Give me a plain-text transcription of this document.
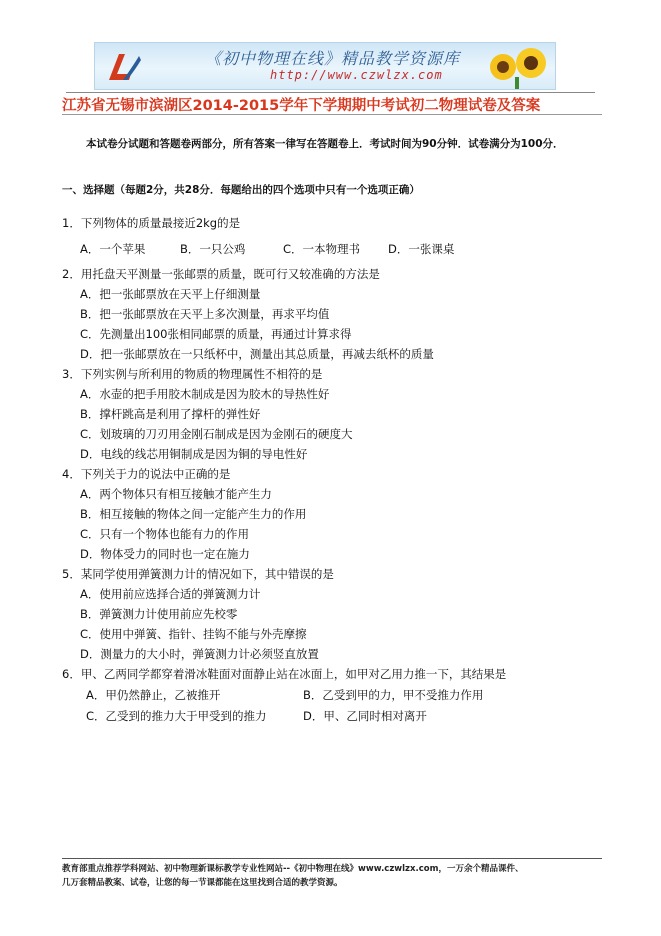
《初中物理在线》精品教学资源库
http://www.czwlzx.com
江苏省无锡市滨湖区2014-2015学年下学期期中考试初二物理试卷及答案
本试卷分试题和答题卷两部分，所有答案一律写在答题卷上．考试时间为90分钟．试卷满分为100分．
一、选择题（每题2分，共28分．每题给出的四个选项中只有一个选项正确）
1．下列物体的质量最接近2kg的是
A．一个苹果	B．一只公鸡	C．一本物理书 D．一张课桌
2．用托盘天平测量一张邮票的质量，既可行又较准确的方法是
A．把一张邮票放在天平上仔细测量
B．把一张邮票放在天平上多次测量，再求平均值
C．先测量出100张相同邮票的质量，再通过计算求得
D．把一张邮票放在一只纸杯中，测量出其总质量，再减去纸杯的质量
3．下列实例与所利用的物质的物理属性不相符的是
A．水壶的把手用胶木制成是因为胶木的导热性好
B．撑杆跳高是利用了撑杆的弹性好
C．划玻璃的刀刃用金刚石制成是因为金刚石的硬度大
D．电线的线芯用铜制成是因为铜的导电性好
4．下列关于力的说法中正确的是
A．两个物体只有相互接触才能产生力
B．相互接触的物体之间一定能产生力的作用
C．只有一个物体也能有力的作用
D．物体受力的同时也一定在施力
5．某同学使用弹簧测力计的情况如下，其中错误的是
A．使用前应选择合适的弹簧测力计
B．弹簧测力计使用前应先校零
C．使用中弹簧、指针、挂钩不能与外壳摩擦
D．测量力的大小时，弹簧测力计必须竖直放置
6．甲、乙两同学都穿着滑冰鞋面对面静止站在冰面上，如甲对乙用力推一下，其结果是
A．甲仍然静止，乙被推开	B．乙受到甲的力，甲不受推力作用
C．乙受到的推力大于甲受到的推力	D．甲、乙同时相对离开
教育部重点推荐学科网站、初中物理新课标教学专业性网站--《初中物理在线》www.czwlzx.com，一万余个精品课件、
几万套精品教案、试卷，让您的每一节课都能在这里找到合适的教学资源。
